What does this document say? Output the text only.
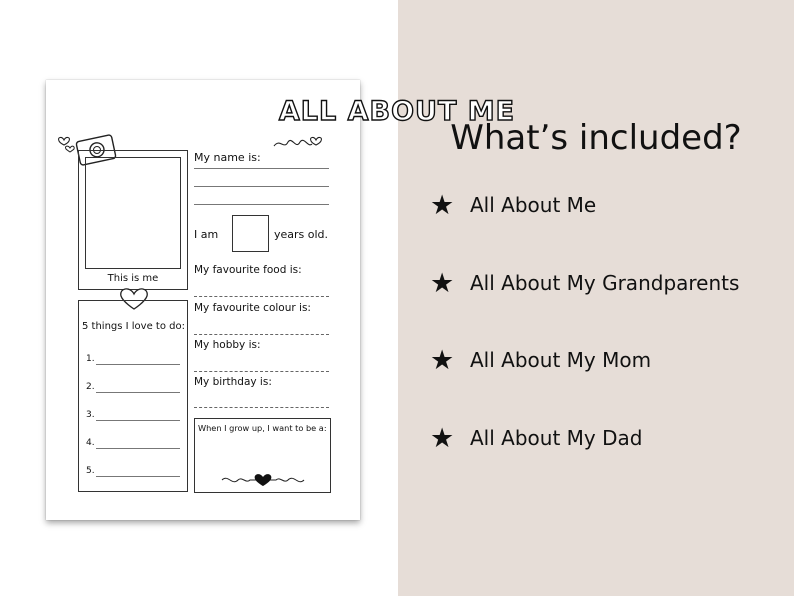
ALL ABOUT ME
This is me
5 things I love to do:
1.
2.
3.
4.
5.
My name is:
I am	years old.
My favourite food is:
My favourite colour is:
My hobby is:
My birthday is:
When I grow up, I want to be a:
What’s included?
★ All About Me
★ All About My Grandparents
★ All About My Mom
★ All About My Dad
